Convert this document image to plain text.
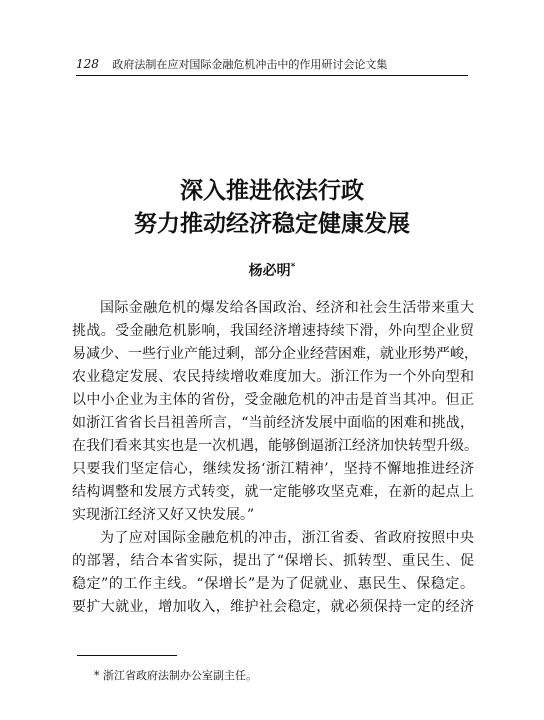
128 政府法制在应对国际金融危机冲击中的作用研讨会论文集
深入推进依法行政
努力推动经济稳定健康发展
杨必明*
国际金融危机的爆发给各国政治、经济和社会生活带来重大
挑战。受金融危机影响，我国经济增速持续下滑，外向型企业贸
易减少、一些行业产能过剩，部分企业经营困难，就业形势严峻，
农业稳定发展、农民持续增收难度加大。浙江作为一个外向型和
以中小企业为主体的省份，受金融危机的冲击是首当其冲。但正
如浙江省省长吕祖善所言，“当前经济发展中面临的困难和挑战，
在我们看来其实也是一次机遇，能够倒逼浙江经济加快转型升级。
只要我们坚定信心，继续发扬‘浙江精神’，坚持不懈地推进经济
结构调整和发展方式转变，就一定能够攻坚克难，在新的起点上
实现浙江经济又好又快发展。”
为了应对国际金融危机的冲击，浙江省委、省政府按照中央
的部署，结合本省实际，提出了“保增长、抓转型、重民生、促
稳定”的工作主线。“保增长”是为了促就业、惠民生、保稳定。
要扩大就业，增加收入，维护社会稳定，就必须保持一定的经济
* 浙江省政府法制办公室副主任。
